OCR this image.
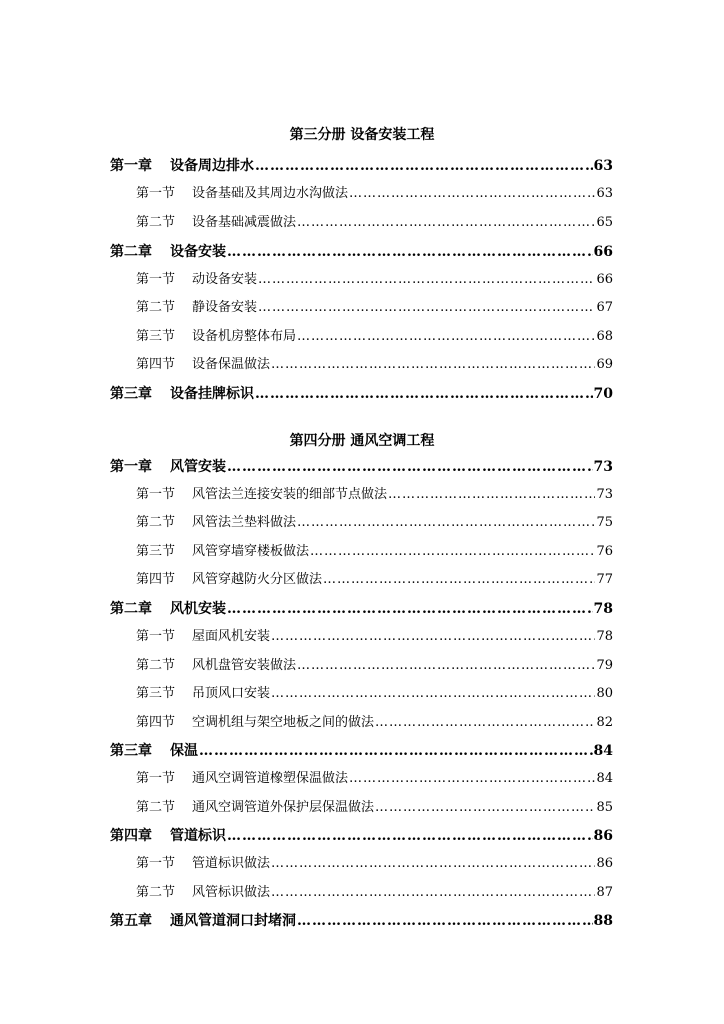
第三分册 设备安装工程
第一章	设备周边排水 ……………………………………………………………………………………………………………………………………………………	63
第一节	设备基础及其周边水沟做法 ……………………………………………………………………………………………………………………………………………………	63
第二节	设备基础减震做法 ……………………………………………………………………………………………………………………………………………………	65
第二章	设备安装 ……………………………………………………………………………………………………………………………………………………	66
第一节	动设备安装 ……………………………………………………………………………………………………………………………………………………	66
第二节	静设备安装 ……………………………………………………………………………………………………………………………………………………	67
第三节	设备机房整体布局 ……………………………………………………………………………………………………………………………………………………	68
第四节	设备保温做法 ……………………………………………………………………………………………………………………………………………………	69
第三章	设备挂牌标识 ……………………………………………………………………………………………………………………………………………………	70
第四分册 通风空调工程
第一章	风管安装 ……………………………………………………………………………………………………………………………………………………	73
第一节	风管法兰连接安装的细部节点做法 ……………………………………………………………………………………………………………………………………………………	73
第二节	风管法兰垫料做法 ……………………………………………………………………………………………………………………………………………………	75
第三节	风管穿墙穿楼板做法 ……………………………………………………………………………………………………………………………………………………	76
第四节	风管穿越防火分区做法 ……………………………………………………………………………………………………………………………………………………	77
第二章	风机安装 ……………………………………………………………………………………………………………………………………………………	78
第一节	屋面风机安装 ……………………………………………………………………………………………………………………………………………………	78
第二节	风机盘管安装做法 ……………………………………………………………………………………………………………………………………………………	79
第三节	吊顶风口安装 ……………………………………………………………………………………………………………………………………………………	80
第四节	空调机组与架空地板之间的做法 ……………………………………………………………………………………………………………………………………………………	82
第三章	保温 ……………………………………………………………………………………………………………………………………………………	84
第一节	通风空调管道橡塑保温做法 ……………………………………………………………………………………………………………………………………………………	84
第二节	通风空调管道外保护层保温做法 ……………………………………………………………………………………………………………………………………………………	85
第四章	管道标识 ……………………………………………………………………………………………………………………………………………………	86
第一节	管道标识做法 ……………………………………………………………………………………………………………………………………………………	86
第二节	风管标识做法 ……………………………………………………………………………………………………………………………………………………	87
第五章	通风管道洞口封堵洞 ……………………………………………………………………………………………………………………………………………………	88
